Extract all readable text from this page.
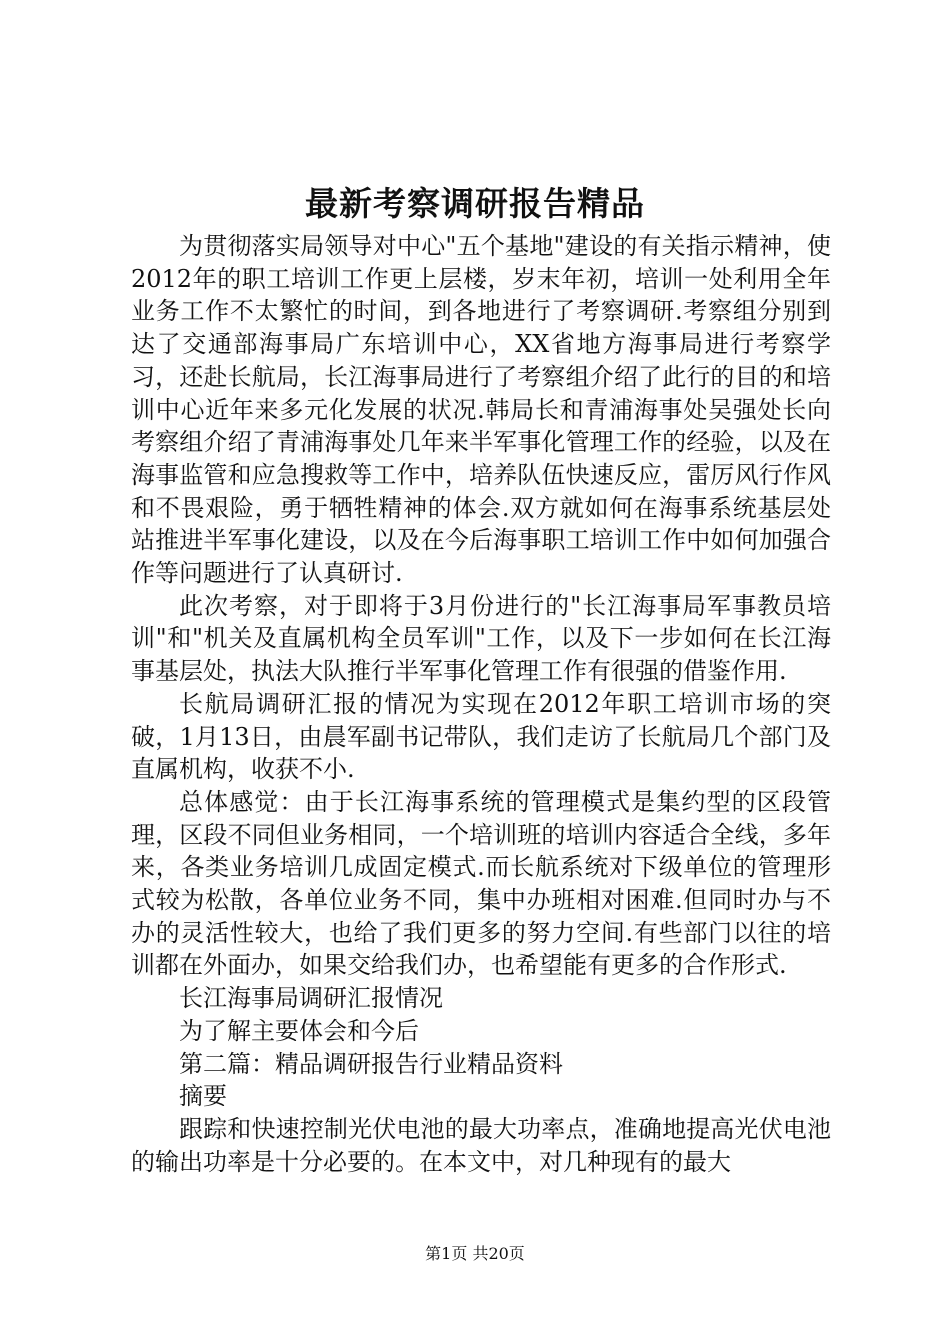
最新考察调研报告精品

为贯彻落实局领导对中心"五个基地"建设的有关指示精神，使2012年的职工培训工作更上层楼，岁末年初，培训一处利用全年业务工作不太繁忙的时间，到各地进行了考察调研.考察组分别到达了交通部海事局广东培训中心，XX省地方海事局进行考察学习，还赴长航局，长江海事局进行了考察组介绍了此行的目的和培训中心近年来多元化发展的状况.韩局长和青浦海事处吴强处长向考察组介绍了青浦海事处几年来半军事化管理工作的经验，以及在海事监管和应急搜救等工作中，培养队伍快速反应，雷厉风行作风和不畏艰险，勇于牺牲精神的体会.双方就如何在海事系统基层处站推进半军事化建设，以及在今后海事职工培训工作中如何加强合作等问题进行了认真研讨.

此次考察，对于即将于3月份进行的"长江海事局军事教员培训"和"机关及直属机构全员军训"工作，以及下一步如何在长江海事基层处，执法大队推行半军事化管理工作有很强的借鉴作用.

长航局调研汇报的情况为实现在2012年职工培训市场的突破，1月13日，由晨军副书记带队，我们走访了长航局几个部门及直属机构，收获不小.

总体感觉：由于长江海事系统的管理模式是集约型的区段管理，区段不同但业务相同，一个培训班的培训内容适合全线，多年来，各类业务培训几成固定模式.而长航系统对下级单位的管理形式较为松散，各单位业务不同，集中办班相对困难.但同时办与不办的灵活性较大，也给了我们更多的努力空间.有些部门以往的培训都在外面办，如果交给我们办，也希望能有更多的合作形式.

长江海事局调研汇报情况

为了解主要体会和今后

第二篇：精品调研报告行业精品资料

摘要

跟踪和快速控制光伏电池的最大功率点，准确地提高光伏电池的输出功率是十分必要的。在本文中，对几种现有的最大

第1页 共20页
